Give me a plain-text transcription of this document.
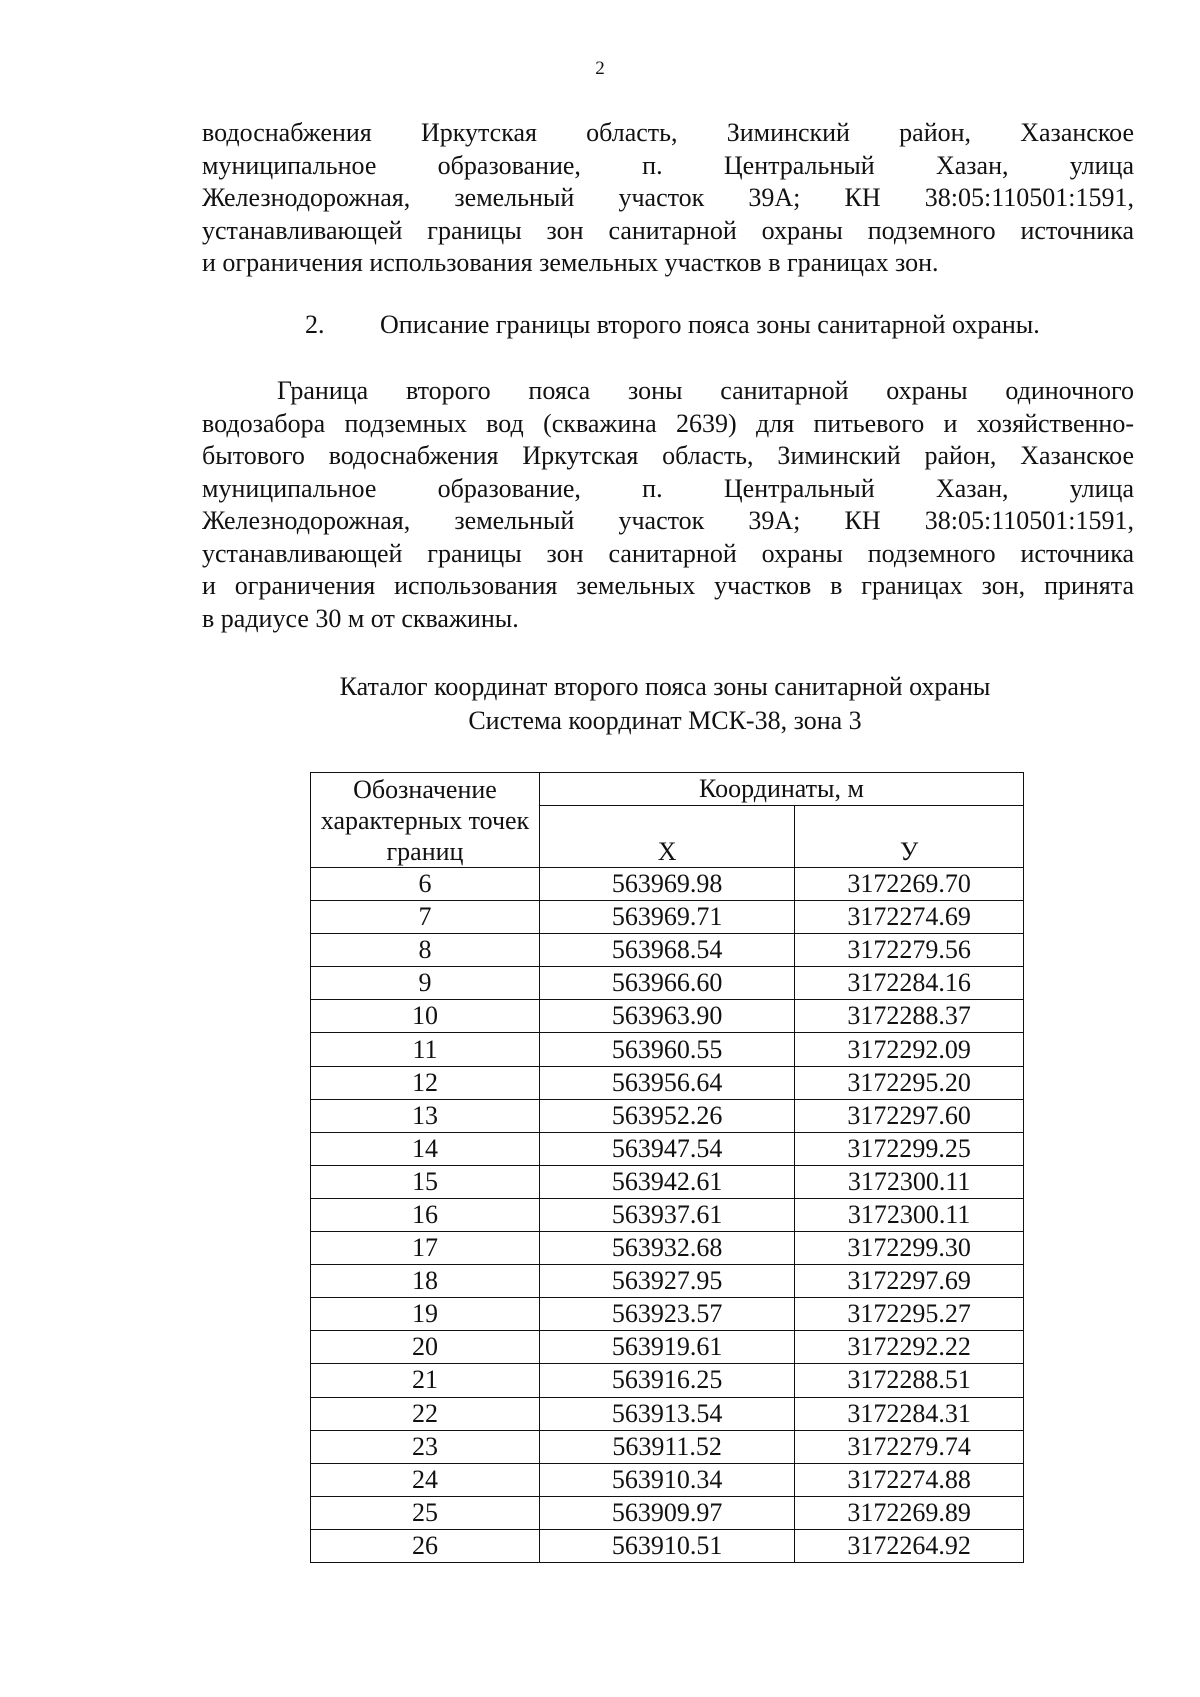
2
водоснабжения Иркутская область, Зиминский район, Хазанское
муниципальное образование, п. Центральный Хазан, улица
Железнодорожная, земельный участок 39А; КН 38:05:110501:1591,
устанавливающей границы зон санитарной охраны подземного источника
и ограничения использования земельных участков в границах зон.
2. Описание границы второго пояса зоны санитарной охраны.
Граница второго пояса зоны санитарной охраны одиночного
водозабора подземных вод (скважина 2639) для питьевого и хозяйственно-
бытового водоснабжения Иркутская область, Зиминский район, Хазанское
муниципальное образование, п. Центральный Хазан, улица
Железнодорожная, земельный участок 39А; КН 38:05:110501:1591,
устанавливающей границы зон санитарной охраны подземного источника
и ограничения использования земельных участков в границах зон, принята
в радиусе 30 м от скважины.
Каталог координат второго пояса зоны санитарной охраны
Система координат МСК-38, зона 3
Обозначение характерных точек границ	Координаты, м	
	X	У
6	563969.98	3172269.70
7	563969.71	3172274.69
8	563968.54	3172279.56
9	563966.60	3172284.16
10	563963.90	3172288.37
11	563960.55	3172292.09
12	563956.64	3172295.20
13	563952.26	3172297.60
14	563947.54	3172299.25
15	563942.61	3172300.11
16	563937.61	3172300.11
17	563932.68	3172299.30
18	563927.95	3172297.69
19	563923.57	3172295.27
20	563919.61	3172292.22
21	563916.25	3172288.51
22	563913.54	3172284.31
23	563911.52	3172279.74
24	563910.34	3172274.88
25	563909.97	3172269.89
26	563910.51	3172264.92
